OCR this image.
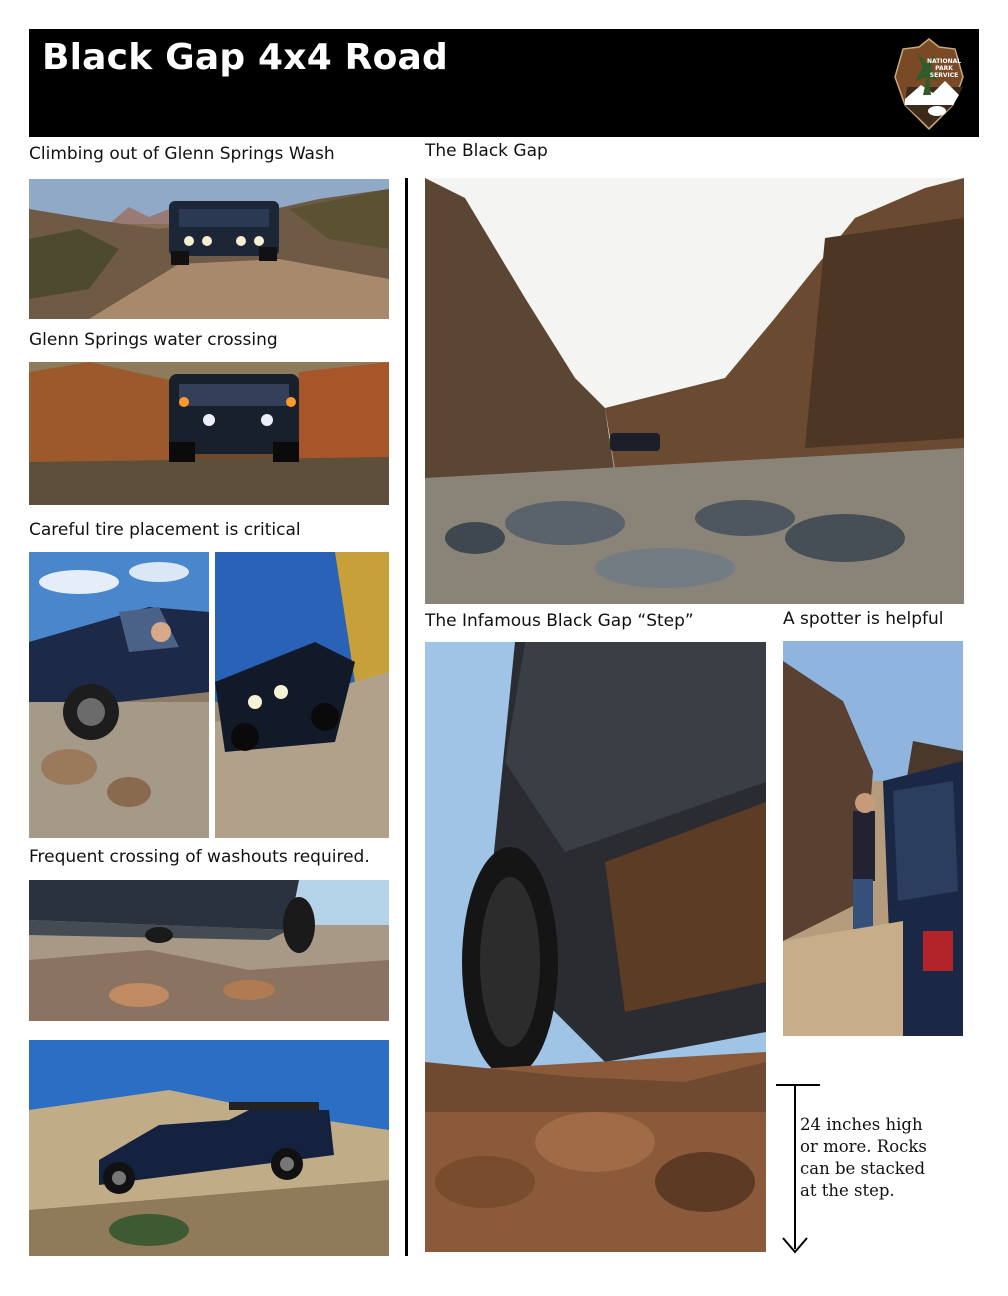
Black Gap 4x4 Road	NATIONAL
PARK
SERVICE

Climbing out of Glenn Springs Wash

Glenn Springs water crossing

Careful tire placement is critical

Frequent crossing of washouts required.

The Black Gap

The Infamous Black Gap “Step”	A spotter is helpful

24 inches high
or more. Rocks
can be stacked
at the step.
